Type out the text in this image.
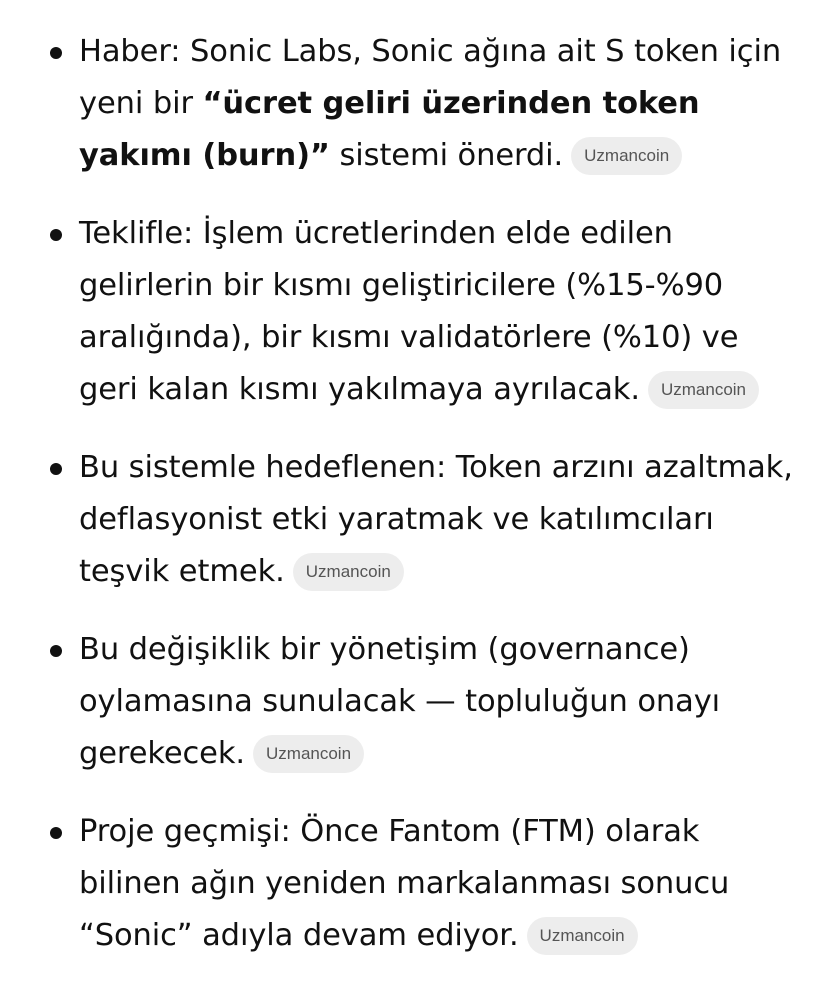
Haber: Sonic Labs, Sonic ağına ait S token için yeni bir “ücret geliri üzerinden token yakımı (burn)” sistemi önerdi. Uzmancoin
Teklifle: İşlem ücretlerinden elde edilen gelirlerin bir kısmı geliştiricilere (%15-%90 aralığında), bir kısmı validatörlere (%10) ve geri kalan kısmı yakılmaya ayrılacak. Uzmancoin
Bu sistemle hedeflenen: Token arzını azaltmak, deflasyonist etki yaratmak ve katılımcıları teşvik etmek. Uzmancoin
Bu değişiklik bir yönetişim (governance) oylamasına sunulacak — topluluğun onayı gerekecek. Uzmancoin
Proje geçmişi: Önce Fantom (FTM) olarak bilinen ağın yeniden markalanması sonucu “Sonic” adıyla devam ediyor. Uzmancoin
